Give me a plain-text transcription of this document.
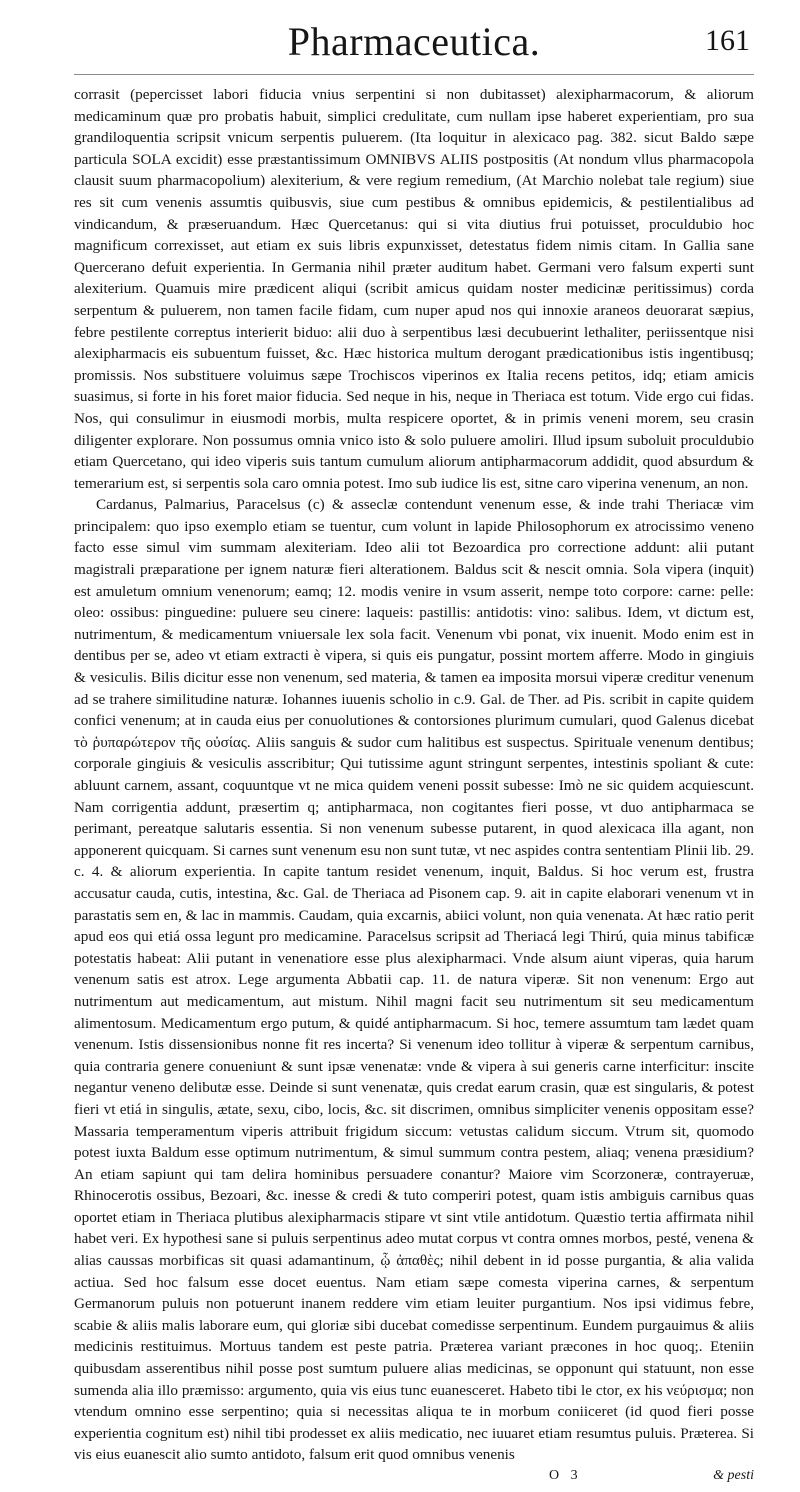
Pharmaceutica.	161

corrasit (pepercisset labori fiducia vnius serpentini si non dubitasset) alexipharmacorum, & aliorum medicaminum quæ pro probatis habuit, simplici credulitate, cum nullam ipse haberet experientiam, pro sua grandiloquentia scripsit vnicum serpentis puluerem. (Ita loquitur in alexicaco pag. 382. sicut Baldo sæpe particula SOLA excidit) esse præstantissimum OMNIBVS ALIIS postpositis (At nondum vllus pharmacopola clausit suum pharmacopolium) alexiterium, & vere regium remedium, (At Marchio nolebat tale regium) siue res sit cum venenis assumtis quibusvis, siue cum pestibus & omnibus epidemicis, & pestilentialibus ad vindicandum, & præseruandum. Hæc Quercetanus: qui si vita diutius frui potuisset, proculdubio hoc magnificum correxisset, aut etiam ex suis libris expunxisset, detestatus fidem nimis citam. In Gallia sane Quercerano defuit experientia. In Germania nihil præter auditum habet. Germani vero falsum experti sunt alexiterium. Quamuis mire prædicent aliqui (scribit amicus quidam noster medicinæ peritissimus) corda serpentum & puluerem, non tamen facile fidam, cum nuper apud nos qui innoxie araneos deuorarat sæpius, febre pestilente correptus interierit biduo: alii duo à serpentibus læsi decubuerint lethaliter, periissentque nisi alexipharmacis eis subuentum fuisset, &c. Hæc historica multum derogant prædicationibus istis ingentibusq; promissis. Nos substituere voluimus sæpe Trochiscos viperinos ex Italia recens petitos, idq; etiam amicis suasimus, si forte in his foret maior fiducia. Sed neque in his, neque in Theriaca est totum. Vide ergo cui fidas. Nos, qui consulimur in eiusmodi morbis, multa respicere oportet, & in primis veneni morem, seu crasin diligenter explorare. Non possumus omnia vnico isto & solo puluere amoliri. Illud ipsum suboluit proculdubio etiam Quercetano, qui ideo viperis suis tantum cumulum aliorum antipharmacorum addidit, quod absurdum & temerarium est, si serpentis sola caro omnia potest. Imo sub iudice lis est, sitne caro viperina venenum, an non.

Cardanus, Palmarius, Paracelsus (c) & asseclæ contendunt venenum esse, & inde trahi Theriacæ vim principalem: quo ipso exemplo etiam se tuentur, cum volunt in lapide Philosophorum ex atrocissimo veneno facto esse simul vim summam alexiteriam. Ideo alii tot Bezoardica pro correctione addunt: alii putant magistrali præparatione per ignem naturæ fieri alterationem. Baldus scit & nescit omnia. Sola vipera (inquit) est amuletum omnium venenorum; eamq; 12. modis venire in vsum asserit, nempe toto corpore: carne: pelle: oleo: ossibus: pinguedine: puluere seu cinere: laqueis: pastillis: antidotis: vino: salibus. Idem, vt dictum est, nutrimentum, & medicamentum vniuersale lex sola facit. Venenum vbi ponat, vix inuenit. Modo enim est in dentibus per se, adeo vt etiam extracti è vipera, si quis eis pungatur, possint mortem afferre. Modo in gingiuis & vesiculis. Bilis dicitur esse non venenum, sed materia, & tamen ea imposita morsui viperæ creditur venenum ad se trahere similitudine naturæ. Iohannes iuuenis scholio in c.9. Gal. de Ther. ad Pis. scribit in capite quidem confici venenum; at in cauda eius per conuolutiones & contorsiones plurimum cumulari, quod Galenus dicebat τὸ ῥυπαρώτερον τῆς οὐσίας. Aliis sanguis & sudor cum halitibus est suspectus. Spirituale venenum dentibus; corporale gingiuis & vesiculis asscribitur; Qui tutissime agunt stringunt serpentes, intestinis spoliant & cute: abluunt carnem, assant, coquuntque vt ne mica quidem veneni possit subesse: Imò ne sic quidem acquiescunt. Nam corrigentia addunt, præsertim q; antipharmaca, non cogitantes fieri posse, vt duo antipharmaca se perimant, pereatque salutaris essentia. Si non venenum subesse putarent, in quod alexicaca illa agant, non apponerent quicquam. Si carnes sunt venenum esu non sunt tutæ, vt nec aspides contra sententiam Plinii lib. 29. c. 4. & aliorum experientia. In capite tantum residet venenum, inquit, Baldus. Si hoc verum est, frustra accusatur cauda, cutis, intestina, &c. Gal. de Theriaca ad Pisonem cap. 9. ait in capite elaborari venenum vt in parastatis sem en, & lac in mammis. Caudam, quia excarnis, abiici volunt, non quia venenata. At hæc ratio perit apud eos qui etiá ossa legunt pro medicamine. Paracelsus scripsit ad Theriacá legi Thirú, quia minus tabificæ potestatis habeat: Alii putant in venenatiore esse plus alexipharmaci. Vnde alsum aiunt viperas, quia harum venenum satis est atrox. Lege argumenta Abbatii cap. 11. de natura viperæ. Sit non venenum: Ergo aut nutrimentum aut medicamentum, aut mistum. Nihil magni facit seu nutrimentum sit seu medicamentum alimentosum. Medicamentum ergo putum, & quidé antipharmacum. Si hoc, temere assumtum tam lædet quam venenum. Istis dissensionibus nonne fit res incerta? Si venenum ideo tollitur à viperæ & serpentum carnibus, quia contraria genere conueniunt & sunt ipsæ venenatæ: vnde & vipera à sui generis carne interficitur: inscite negantur veneno delibutæ esse. Deinde si sunt venenatæ, quis credat earum crasin, quæ est singularis, & potest fieri vt etiá in singulis, ætate, sexu, cibo, locis, &c. sit discrimen, omnibus simpliciter venenis oppositam esse? Massaria temperamentum viperis attribuit frigidum siccum: vetustas calidum siccum. Vtrum sit, quomodo potest iuxta Baldum esse optimum nutrimentum, & simul summum contra pestem, aliaq; venena præsidium? An etiam sapiunt qui tam delira hominibus persuadere conantur? Maiore vim Scorzoneræ, contrayeruæ, Rhinocerotis ossibus, Bezoari, &c. inesse & credi & tuto comperiri potest, quam istis ambiguis carnibus quas oportet etiam in Theriaca plutibus alexipharmacis stipare vt sint vtile antidotum. Quæstio tertia affirmata nihil habet veri. Ex hypothesi sane si puluis serpentinus adeo mutat corpus vt contra omnes morbos, pesté, venena & alias caussas morbificas sit quasi adamantinum, ᾧ ἀπαθὲς; nihil debent in id posse purgantia, & alia valida actiua. Sed hoc falsum esse docet euentus. Nam etiam sæpe comesta viperina carnes, & serpentum Germanorum puluis non potuerunt inanem reddere vim etiam leuiter purgantium. Nos ipsi vidimus febre, scabie & aliis malis laborare eum, qui gloriæ sibi ducebat comedisse serpentinum. Eundem purgauimus & aliis medicinis restituimus. Mortuus tandem est peste patria. Præterea variant præcones in hoc quoq;. Eteniin quibusdam asserentibus nihil posse post sumtum puluere alias medicinas, se opponunt qui statuunt, non esse sumenda alia illo præmisso: argumento, quia vis eius tunc euanesceret. Habeto tibi le ctor, ex his νεύρισμα; non vtendum omnino esse serpentino; quia si necessitas aliqua te in morbum coniiceret (id quod fieri posse experientia cognitum est) nihil tibi prodesset ex aliis medicatio, nec iuuaret etiam resumtus puluis. Præterea. Si vis eius euanescit alio sumto antidoto, falsum erit quod omnibus venenis

O 3	& pesti
